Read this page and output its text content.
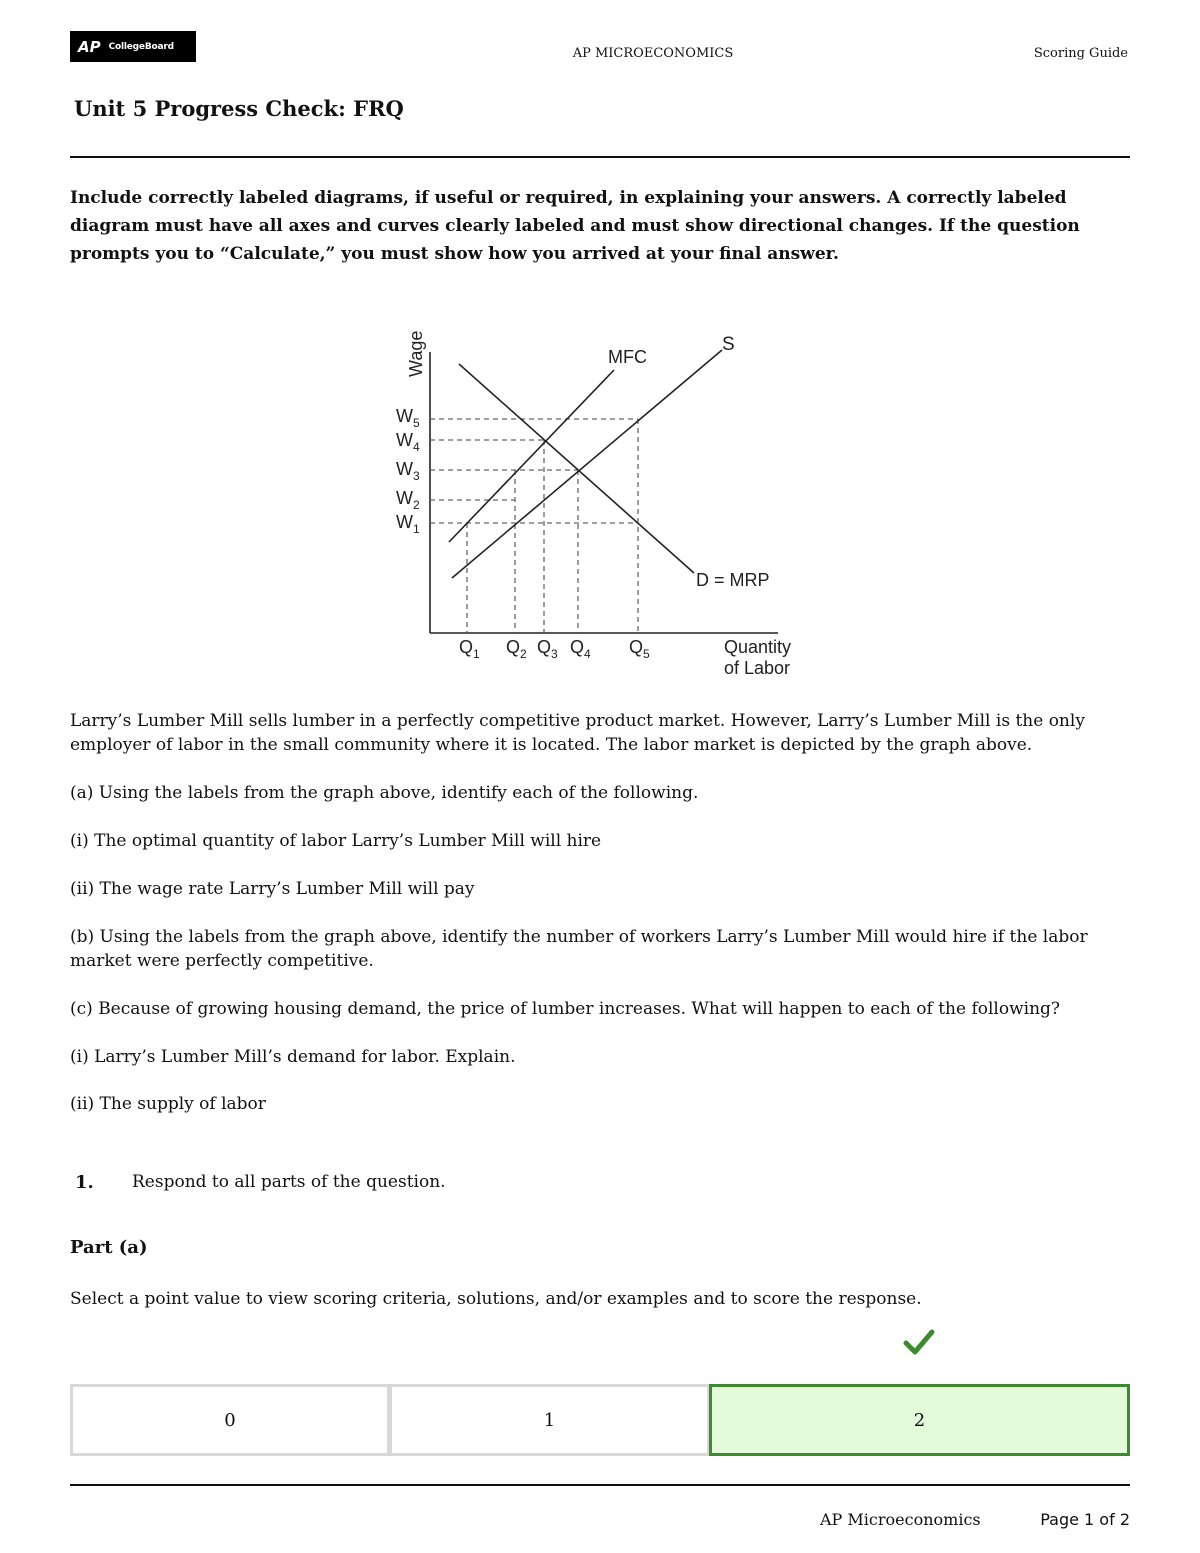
AP CollegeBoard	AP MICROECONOMICS	Scoring Guide
Unit 5 Progress Check: FRQ
Include correctly labeled diagrams, if useful or required, in explaining your answers. A correctly labeled diagram must have all axes and curves clearly labeled and must show directional changes. If the question prompts you to “Calculate,” you must show how you arrived at your final answer.
MFC
S
D = MRP
Wage
Quantity
of Labor
$W_5$
$W_4$
$W_3$
$W_2$
$W_1$
$Q_1$ $Q_2$ $Q_3$ $Q_4$ $Q_5$
Larry’s Lumber Mill sells lumber in a perfectly competitive product market. However, Larry’s Lumber Mill is the only employer of labor in the small community where it is located. The labor market is depicted by the graph above.
(a) Using the labels from the graph above, identify each of the following.
(i) The optimal quantity of labor Larry’s Lumber Mill will hire
(ii) The wage rate Larry’s Lumber Mill will pay
(b) Using the labels from the graph above, identify the number of workers Larry’s Lumber Mill would hire if the labor market were perfectly competitive.
(c) Because of growing housing demand, the price of lumber increases. What will happen to each of the following?
(i) Larry’s Lumber Mill’s demand for labor. Explain.
(ii) The supply of labor
1. Respond to all parts of the question.
Part (a)
Select a point value to view scoring criteria, solutions, and/or examples and to score the response.
0	1	2
AP Microeconomics	Page 1 of 2
